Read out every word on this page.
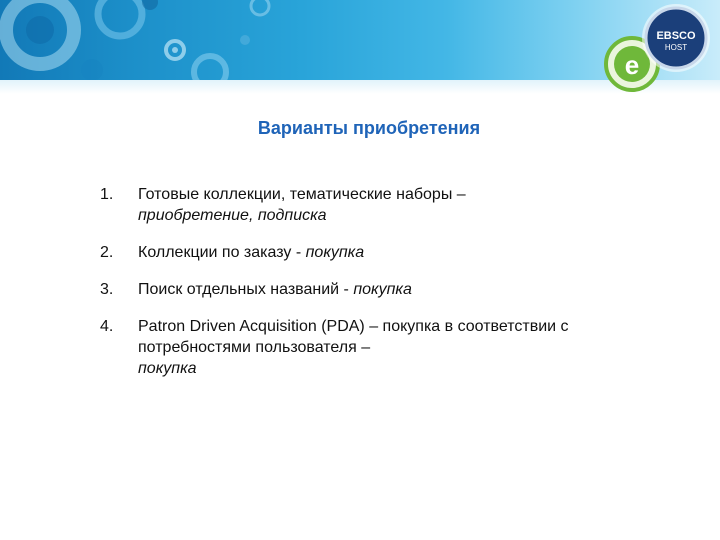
e
EBSCO
HOST
Варианты приобретения
1. Готовые коллекции, тематические наборы –
приобретение, подписка
2. Коллекции по заказу - покупка
3. Поиск отдельных названий - покупка
4. Patron Driven Acquisition (PDA) – покупка в соответствии с потребностями пользователя –
покупка
